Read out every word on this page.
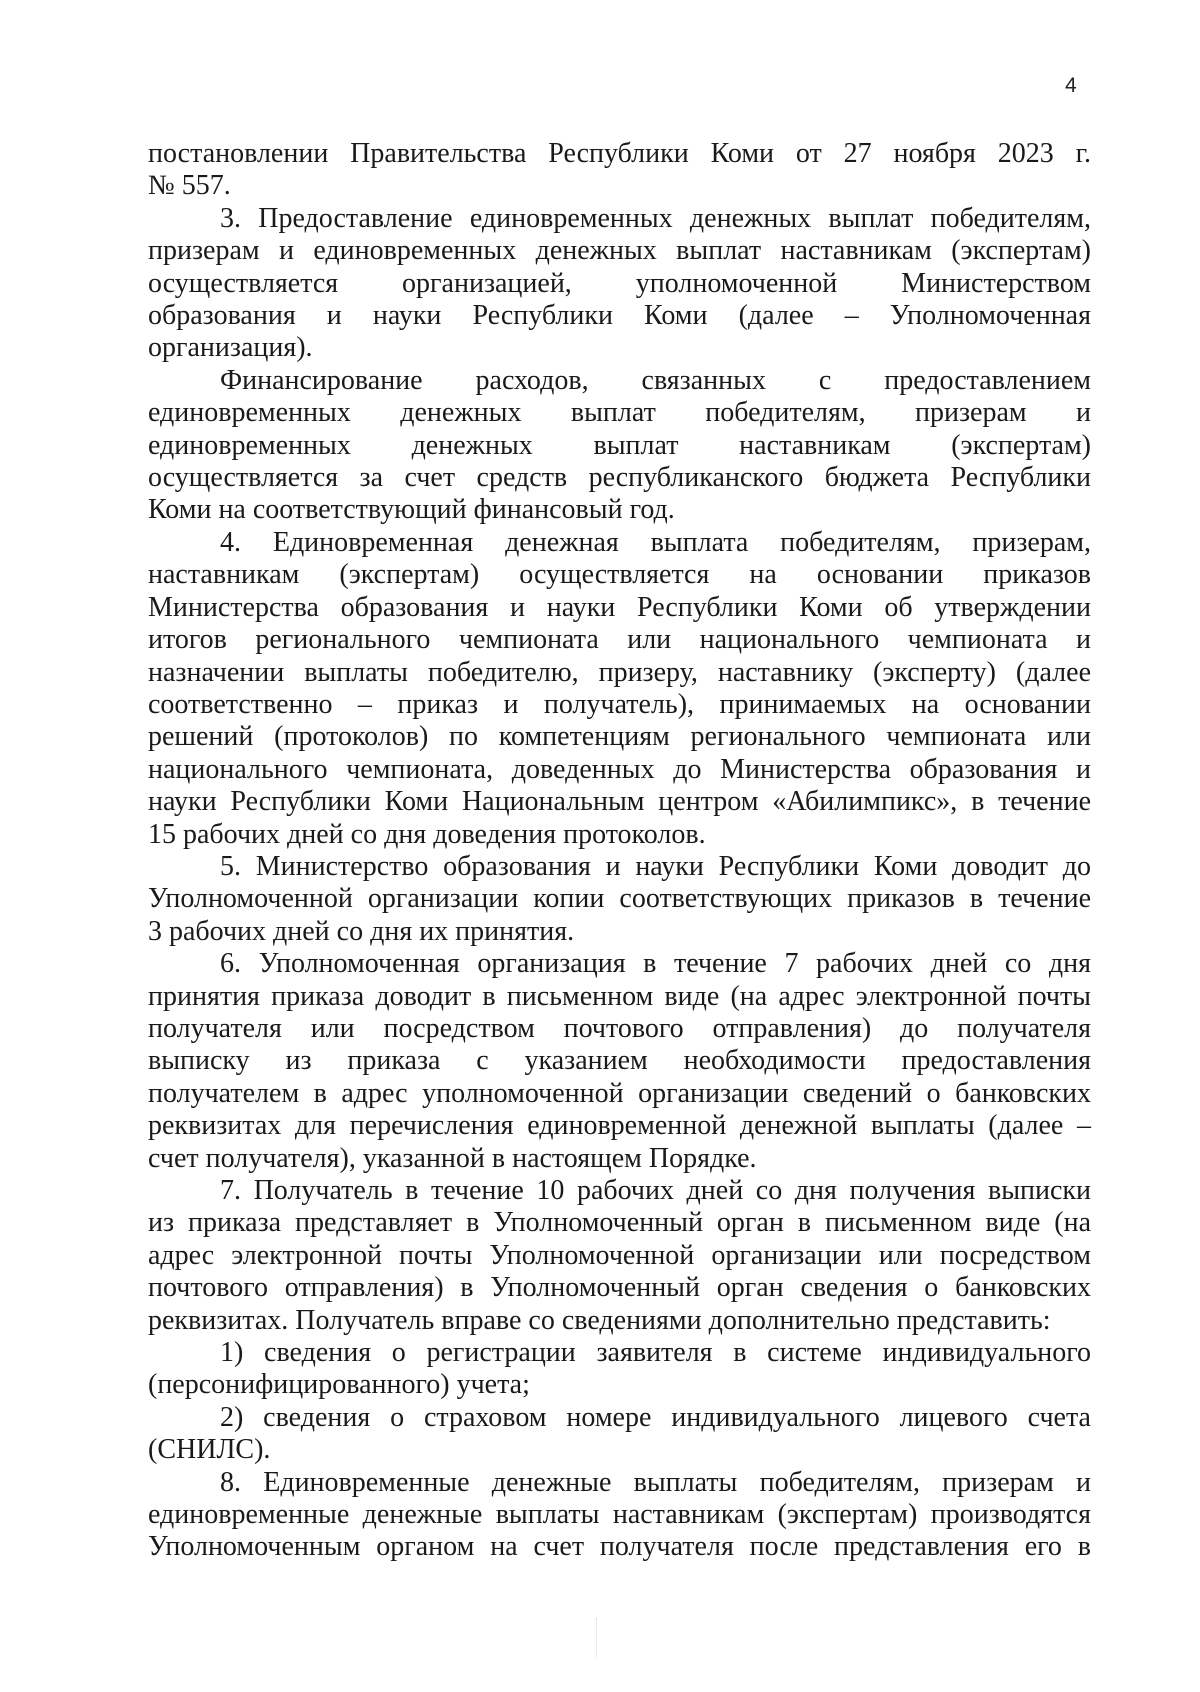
4

постановлении Правительства Республики Коми от 27 ноября 2023 г.
№ 557.

3. Предоставление единовременных денежных выплат победителям,
призерам и единовременных денежных выплат наставникам (экспертам)
осуществляется организацией, уполномоченной Министерством
образования и науки Республики Коми (далее – Уполномоченная
организация).

Финансирование расходов, связанных с предоставлением
единовременных денежных выплат победителям, призерам и
единовременных денежных выплат наставникам (экспертам)
осуществляется за счет средств республиканского бюджета Республики
Коми на соответствующий финансовый год.

4. Единовременная денежная выплата победителям, призерам,
наставникам (экспертам) осуществляется на основании приказов
Министерства образования и науки Республики Коми об утверждении
итогов регионального чемпионата или национального чемпионата и
назначении выплаты победителю, призеру, наставнику (эксперту) (далее
соответственно – приказ и получатель), принимаемых на основании
решений (протоколов) по компетенциям регионального чемпионата или
национального чемпионата, доведенных до Министерства образования и
науки Республики Коми Национальным центром «Абилимпикс», в течение
15 рабочих дней со дня доведения протоколов.

5. Министерство образования и науки Республики Коми доводит до
Уполномоченной организации копии соответствующих приказов в течение
3 рабочих дней со дня их принятия.

6. Уполномоченная организация в течение 7 рабочих дней со дня
принятия приказа доводит в письменном виде (на адрес электронной почты
получателя или посредством почтового отправления) до получателя
выписку из приказа с указанием необходимости предоставления
получателем в адрес уполномоченной организации сведений о банковских
реквизитах для перечисления единовременной денежной выплаты (далее –
счет получателя), указанной в настоящем Порядке.

7. Получатель в течение 10 рабочих дней со дня получения выписки
из приказа представляет в Уполномоченный орган в письменном виде (на
адрес электронной почты Уполномоченной организации или посредством
почтового отправления) в Уполномоченный орган сведения о банковских
реквизитах. Получатель вправе со сведениями дополнительно представить:

1) сведения о регистрации заявителя в системе индивидуального
(персонифицированного) учета;

2) сведения о страховом номере индивидуального лицевого счета
(СНИЛС).

8. Единовременные денежные выплаты победителям, призерам и
единовременные денежные выплаты наставникам (экспертам) производятся
Уполномоченным органом на счет получателя после представления его в
